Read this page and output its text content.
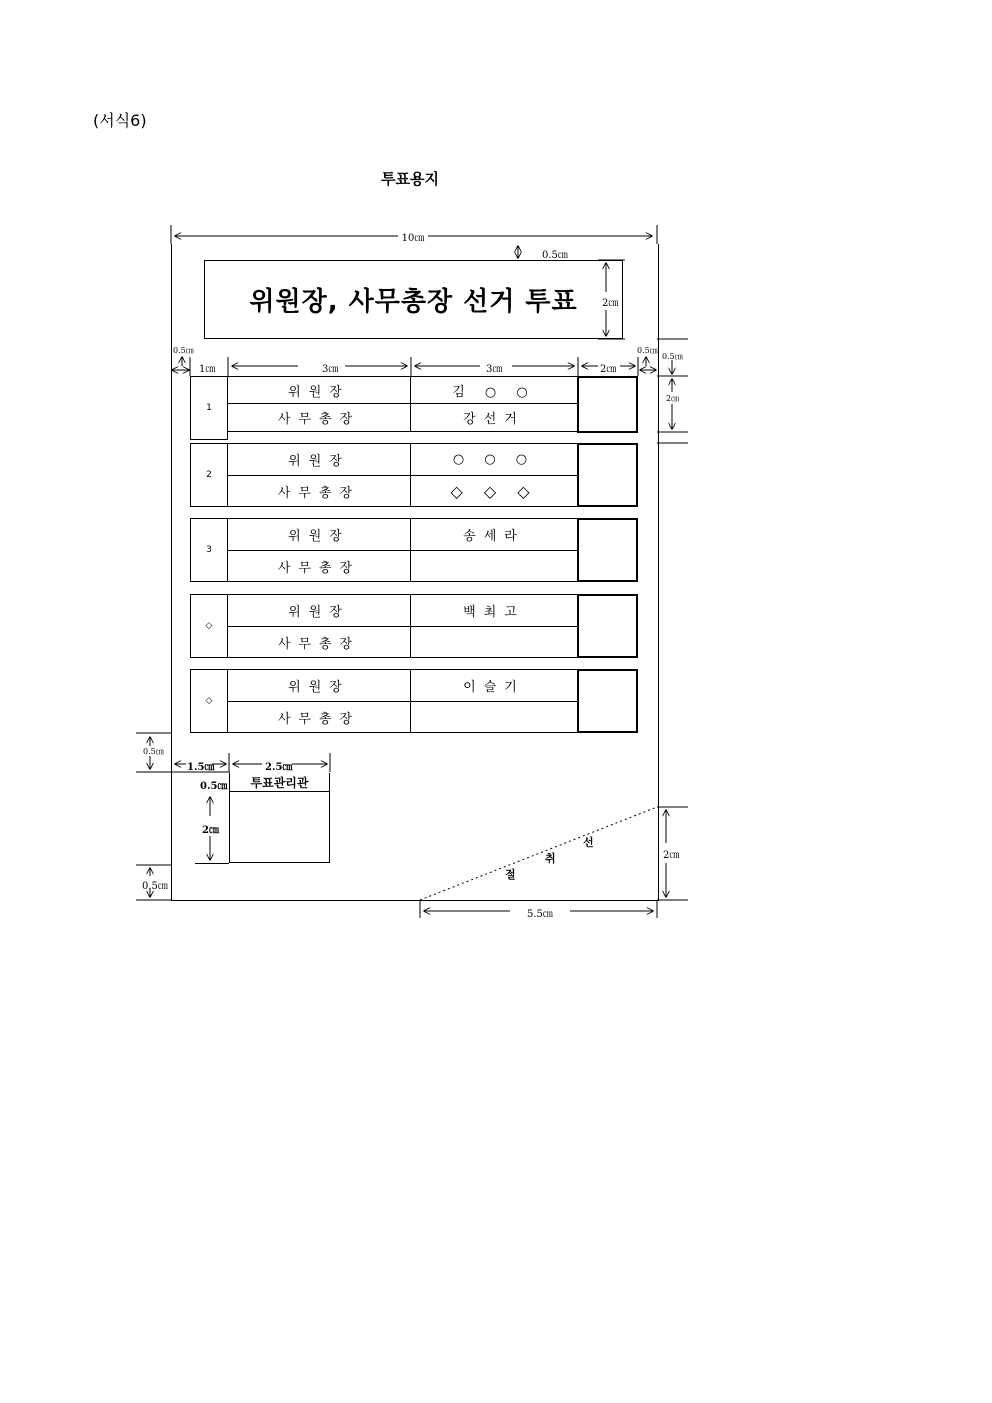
(서식6)
투표용지
위원장, 사무총장 선거 투표
10㎝
0.5㎝
2㎝
0.5㎝	0.5㎝
0.5㎝
2㎝
1㎝	3㎝	3㎝	2㎝
1
위원장	김 ○ ○
사무총장	강선거
2
위원장	○ ○ ○
사무총장	◇ ◇ ◇
3
위원장	송세라
사무총장
◇
위원장	백최고
사무총장
◇
위원장	이슬기
사무총장
0.5㎝
1.5㎝	2.5㎝
투표관리관
0.5㎝
2㎝
0.5㎝
절
취
선
2㎝
5.5㎝
